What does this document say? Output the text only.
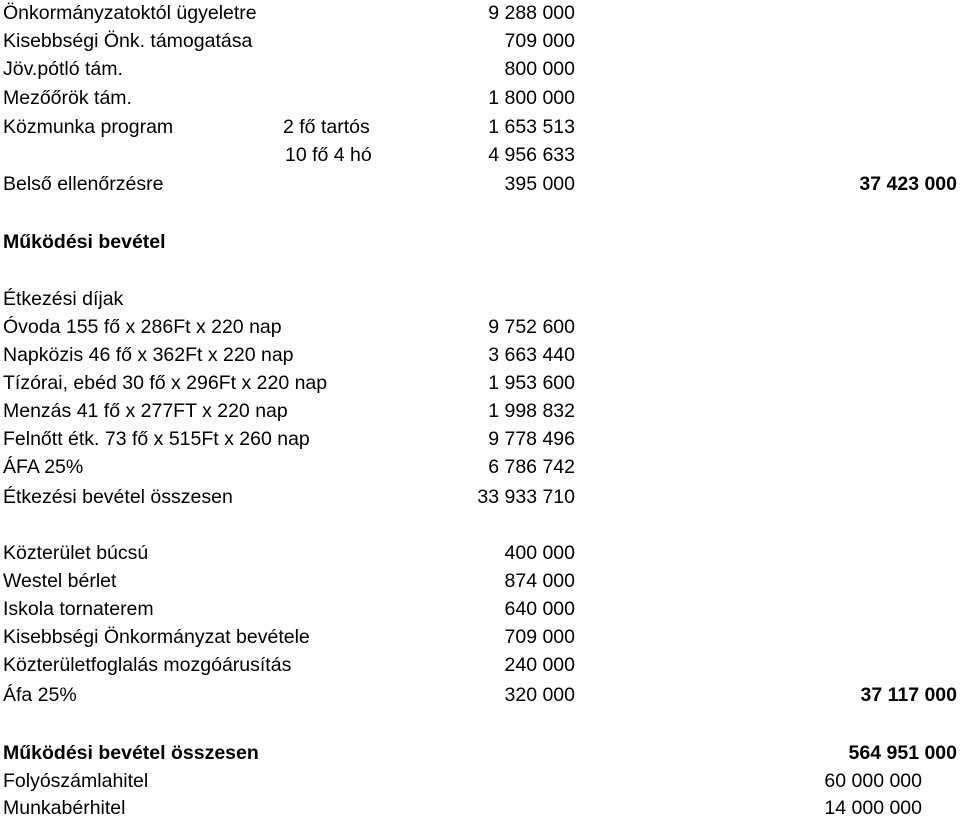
Önkormányzatoktól ügyeletre	9 288 000
Kisebbségi Önk. támogatása	709 000
Jöv.pótló tám.	800 000
Mezőőrök tám.	1 800 000
Közmunka program	2 fő tartós	1 653 513
10 fő 4 hó	4 956 633
Belső ellenőrzésre	395 000	37 423 000
Működési bevétel
Étkezési díjak
Óvoda 155 fő x 286Ft x 220 nap	9 752 600
Napközis 46 fő x 362Ft x 220 nap	3 663 440
Tízórai, ebéd 30 fő x 296Ft x 220 nap	1 953 600
Menzás 41 fő x 277FT x 220 nap	1 998 832
Felnőtt étk. 73 fő x 515Ft x 260 nap	9 778 496
ÁFA 25%	6 786 742
Étkezési bevétel összesen	33 933 710
Közterület búcsú	400 000
Westel bérlet	874 000
Iskola tornaterem	640 000
Kisebbségi Önkormányzat bevétele	709 000
Közterületfoglalás mozgóárusítás	240 000
Áfa 25%	320 000	37 117 000
Működési bevétel összesen	564 951 000
Folyószámlahitel	60 000 000
Munkabérhitel	14 000 000
